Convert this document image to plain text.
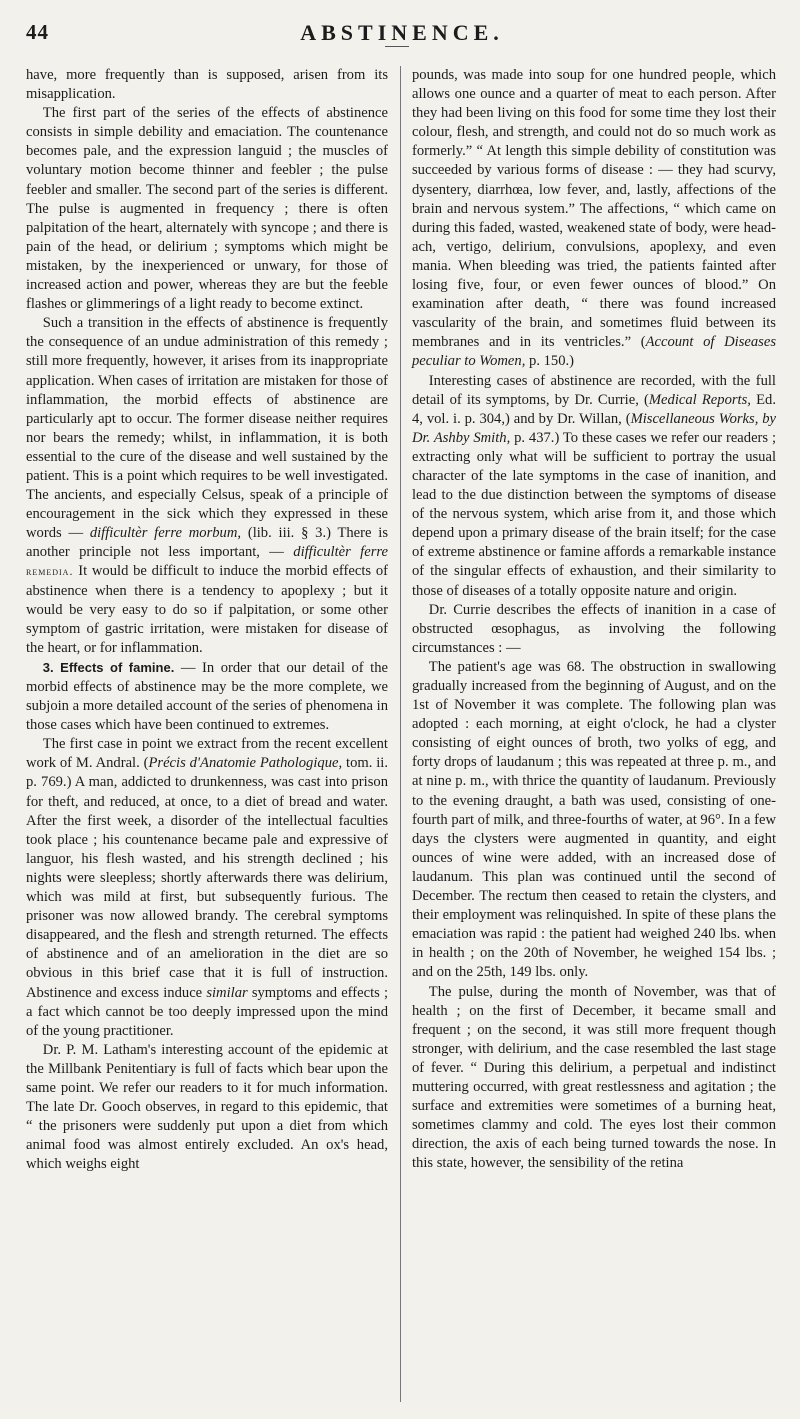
44	ABSTINENCE.

have, more frequently than is supposed, arisen from its misapplication.

The first part of the series of the effects of abstinence consists in simple debility and emaciation. The countenance becomes pale, and the expression languid ; the muscles of voluntary motion become thinner and feebler ; the pulse feebler and smaller. The second part of the series is different. The pulse is augmented in frequency ; there is often palpitation of the heart, alternately with syncope ; and there is pain of the head, or delirium ; symptoms which might be mistaken, by the inexperienced or unwary, for those of increased action and power, whereas they are but the feeble flashes or glimmerings of a light ready to become extinct.

Such a transition in the effects of abstinence is frequently the consequence of an undue administration of this remedy ; still more frequently, however, it arises from its inappropriate application. When cases of irritation are mistaken for those of inflammation, the morbid effects of abstinence are particularly apt to occur. The former disease neither requires nor bears the remedy; whilst, in inflammation, it is both essential to the cure of the disease and well sustained by the patient. This is a point which requires to be well investigated. The ancients, and especially Celsus, speak of a principle of encouragement in the sick which they expressed in these words — difficultèr ferre morbum, (lib. iii. § 3.) There is another principle not less important, — difficultèr ferre remedia. It would be difficult to induce the morbid effects of abstinence when there is a tendency to apoplexy ; but it would be very easy to do so if palpitation, or some other symptom of gastric irritation, were mistaken for disease of the heart, or for inflammation.

3. Effects of famine. — In order that our detail of the morbid effects of abstinence may be the more complete, we subjoin a more detailed account of the series of phenomena in those cases which have been continued to extremes.

The first case in point we extract from the recent excellent work of M. Andral. (Précis d'Anatomie Pathologique, tom. ii. p. 769.) A man, addicted to drunkenness, was cast into prison for theft, and reduced, at once, to a diet of bread and water. After the first week, a disorder of the intellectual faculties took place ; his countenance became pale and expressive of languor, his flesh wasted, and his strength declined ; his nights were sleepless; shortly afterwards there was delirium, which was mild at first, but subsequently furious. The prisoner was now allowed brandy. The cerebral symptoms disappeared, and the flesh and strength returned. The effects of abstinence and of an amelioration in the diet are so obvious in this brief case that it is full of instruction. Abstinence and excess induce similar symptoms and effects ; a fact which cannot be too deeply impressed upon the mind of the young practitioner.

Dr. P. M. Latham's interesting account of the epidemic at the Millbank Penitentiary is full of facts which bear upon the same point. We refer our readers to it for much information. The late Dr. Gooch observes, in regard to this epidemic, that “ the prisoners were suddenly put upon a diet from which animal food was almost entirely excluded. An ox's head, which weighs eight

pounds, was made into soup for one hundred people, which allows one ounce and a quarter of meat to each person. After they had been living on this food for some time they lost their colour, flesh, and strength, and could not do so much work as formerly.” “ At length this simple debility of constitution was succeeded by various forms of disease : — they had scurvy, dysentery, diarrhœa, low fever, and, lastly, affections of the brain and nervous system.” The affections, “ which came on during this faded, wasted, weakened state of body, were head-ach, vertigo, delirium, convulsions, apoplexy, and even mania. When bleeding was tried, the patients fainted after losing five, four, or even fewer ounces of blood.” On examination after death, “ there was found increased vascularity of the brain, and sometimes fluid between its membranes and in its ventricles.” (Account of Diseases peculiar to Women, p. 150.)

Interesting cases of abstinence are recorded, with the full detail of its symptoms, by Dr. Currie, (Medical Reports, Ed. 4, vol. i. p. 304,) and by Dr. Willan, (Miscellaneous Works, by Dr. Ashby Smith, p. 437.) To these cases we refer our readers ; extracting only what will be sufficient to portray the usual character of the late symptoms in the case of inanition, and lead to the due distinction between the symptoms of disease of the nervous system, which arise from it, and those which depend upon a primary disease of the brain itself; for the case of extreme abstinence or famine affords a remarkable instance of the singular effects of exhaustion, and their similarity to those of diseases of a totally opposite nature and origin.

Dr. Currie describes the effects of inanition in a case of obstructed œsophagus, as involving the following circumstances : —

The patient's age was 68. The obstruction in swallowing gradually increased from the beginning of August, and on the 1st of November it was complete. The following plan was adopted : each morning, at eight o'clock, he had a clyster consisting of eight ounces of broth, two yolks of egg, and forty drops of laudanum ; this was repeated at three p. m., and at nine p. m., with thrice the quantity of laudanum. Previously to the evening draught, a bath was used, consisting of one-fourth part of milk, and three-fourths of water, at 96°. In a few days the clysters were augmented in quantity, and eight ounces of wine were added, with an increased dose of laudanum. This plan was continued until the second of December. The rectum then ceased to retain the clysters, and their employment was relinquished. In spite of these plans the emaciation was rapid : the patient had weighed 240 lbs. when in health ; on the 20th of November, he weighed 154 lbs. ; and on the 25th, 149 lbs. only.

The pulse, during the month of November, was that of health ; on the first of December, it became small and frequent ; on the second, it was still more frequent though stronger, with delirium, and the case resembled the last stage of fever. “ During this delirium, a perpetual and indistinct muttering occurred, with great restlessness and agitation ; the surface and extremities were sometimes of a burning heat, sometimes clammy and cold. The eyes lost their common direction, the axis of each being turned towards the nose. In this state, however, the sensibility of the retina
